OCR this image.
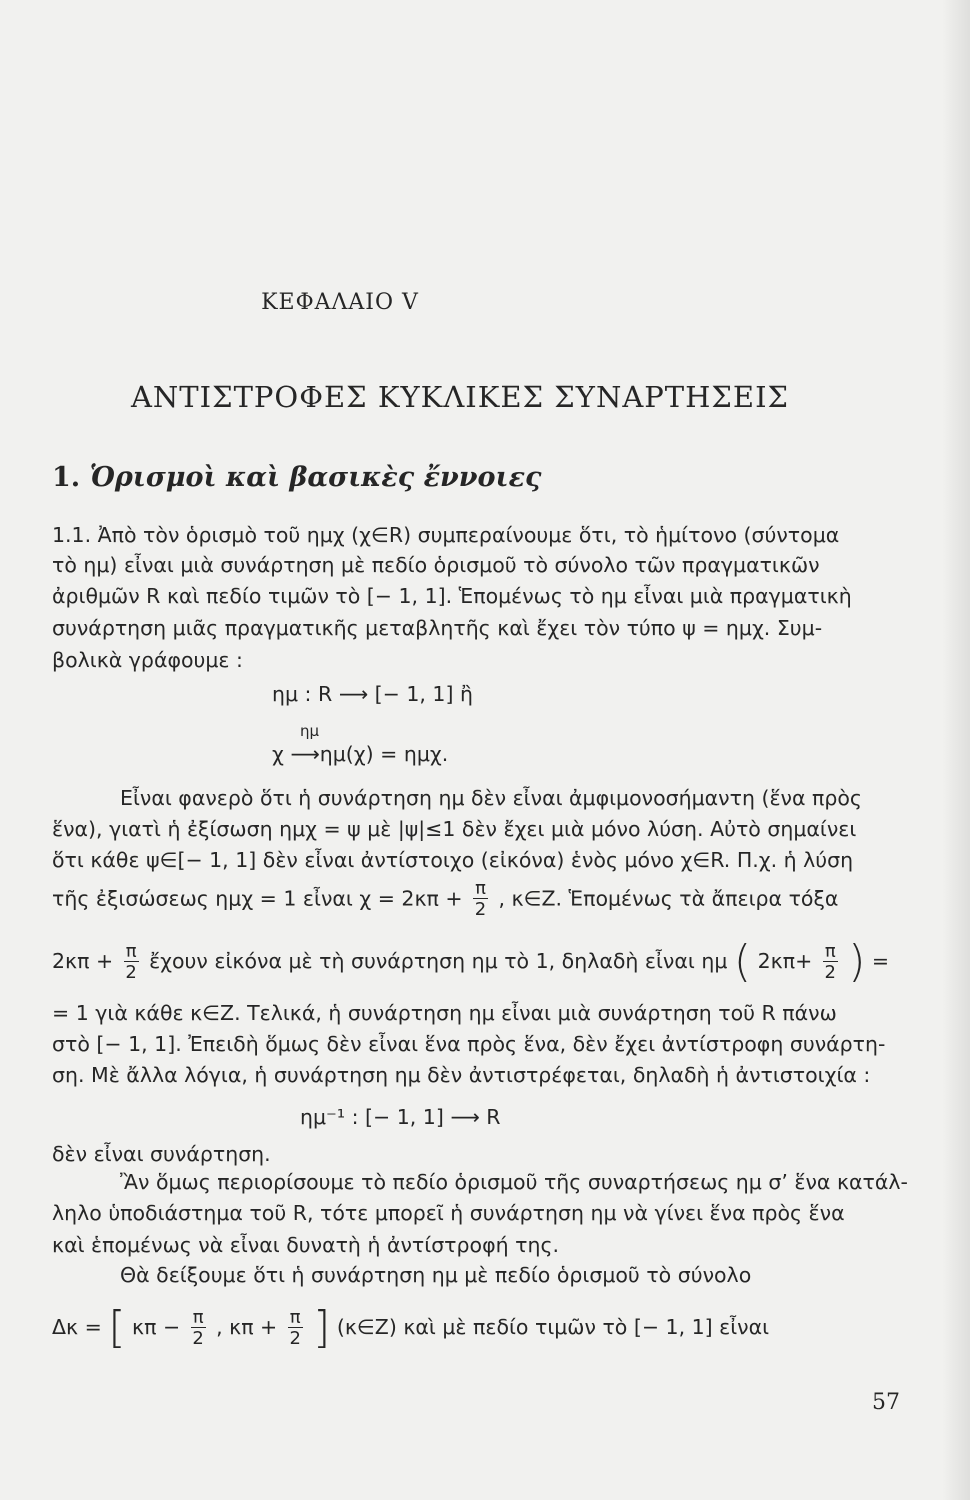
ΚΕΦΑΛΑΙΟ V
ΑΝΤΙΣΤΡΟΦΕΣ ΚΥΚΛΙΚΕΣ ΣΥΝΑΡΤΗΣΕΙΣ
1. Ὁρισμοὶ καὶ βασικὲς ἔννοιες
1.1. Ἀπὸ τὸν ὁρισμὸ τοῦ ημχ (χ∈R) συμπεραίνουμε ὅτι, τὸ ἡμίτονο (σύντομα
τὸ ημ) εἶναι μιὰ συνάρτηση μὲ πεδίο ὁρισμοῦ τὸ σύνολο τῶν πραγματικῶν
ἀριθμῶν R καὶ πεδίο τιμῶν τὸ [− 1, 1]. Ἑπομένως τὸ ημ εἶναι μιὰ πραγματικὴ
συνάρτηση μιᾶς πραγματικῆς μεταβλητῆς καὶ ἔχει τὸν τύπο ψ = ημχ. Συμ-
βολικὰ γράφουμε :
ημ : R ⟶ [− 1, 1] ἢ
ημ
χ ⟶ημ(χ) = ημχ.
Εἶναι φανερὸ ὅτι ἡ συνάρτηση ημ δὲν εἶναι ἀμφιμονοσήμαντη (ἕνα πρὸς
ἕνα), γιατὶ ἡ ἐξίσωση ημχ = ψ μὲ |ψ|≤1 δὲν ἔχει μιὰ μόνο λύση. Αὐτὸ σημαίνει
ὅτι κάθε ψ∈[− 1, 1] δὲν εἶναι ἀντίστοιχο (εἰκόνα) ἑνὸς μόνο χ∈R. Π.χ. ἡ λύση
τῆς ἐξισώσεως ημχ = 1 εἶναι $\chi = 2\kappa\pi + \frac{\pi}{2}$ , κ∈Z. Ἑπομένως τὰ ἄπειρα τόξα
$2\kappa\pi + \frac{\pi}{2}$ ἔχουν εἰκόνα μὲ τὴ συνάρτηση ημ τὸ 1, δηλαδὴ εἶναι ημ ( $2\kappa\pi+ \frac{\pi}{2}$ ) =
= 1 γιὰ κάθε κ∈Z. Τελικά, ἡ συνάρτηση ημ εἶναι μιὰ συνάρτηση τοῦ R πάνω
στὸ [− 1, 1]. Ἐπειδὴ ὅμως δὲν εἶναι ἕνα πρὸς ἕνα, δὲν ἔχει ἀντίστροφη συνάρτη-
ση. Μὲ ἄλλα λόγια, ἡ συνάρτηση ημ δὲν ἀντιστρέφεται, δηλαδὴ ἡ ἀντιστοιχία :
ημ⁻¹ : [− 1, 1] ⟶ R
δὲν εἶναι συνάρτηση.
Ἂν ὅμως περιορίσουμε τὸ πεδίο ὁρισμοῦ τῆς συναρτήσεως ημ σ’ ἕνα κατάλ-
ληλο ὑποδιάστημα τοῦ R, τότε μπορεῖ ἡ συνάρτηση ημ νὰ γίνει ἕνα πρὸς ἕνα
καὶ ἑπομένως νὰ εἶναι δυνατὴ ἡ ἀντίστροφή της.
Θὰ δείξουμε ὅτι ἡ συνάρτηση ημ μὲ πεδίο ὁρισμοῦ τὸ σύνολο
Δκ = [ $\kappa\pi - \frac{\pi}{2}$ , $\kappa\pi + \frac{\pi}{2}$ ] (κ∈Z) καὶ μὲ πεδίο τιμῶν τὸ [− 1, 1] εἶναι
57
